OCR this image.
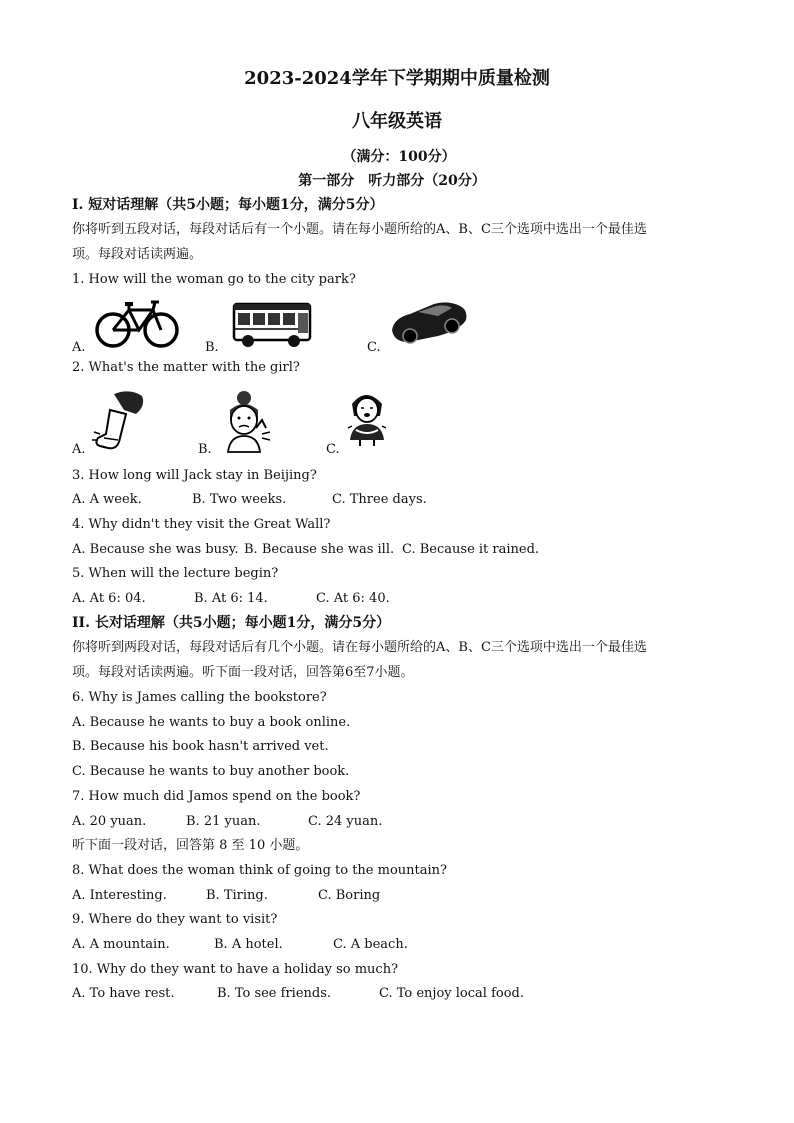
2023-2024学年下学期期中质量检测
八年级英语
（满分：100分）
第一部分　听力部分（20分）
I. 短对话理解（共5小题；每小题1分，满分5分）
你将听到五段对话，每段对话后有一个小题。请在每小题所给的A、B、C三个选项中选出一个最佳选
项。每段对话读两遍。
1. How will the woman go to the city park?
A.	B.	C.
2. What's the matter with the girl?
A.	B.	C.
3. How long will Jack stay in Beijing?
A. A week.	B. Two weeks.	C. Three days.
4. Why didn't they visit the Great Wall?
A. Because she was busy. B. Because she was ill. C. Because it rained.
5. When will the lecture begin?
A. At 6: 04.	B. At 6: 14.	C. At 6: 40.
II. 长对话理解（共5小题；每小题1分，满分5分）
你将听到两段对话，每段对话后有几个小题。请在每小题所给的A、B、C三个选项中选出一个最佳选
项。每段对话读两遍。听下面一段对话，回答第6至7小题。
6. Why is James calling the bookstore?
A. Because he wants to buy a book online.
B. Because his book hasn't arrived vet.
C. Because he wants to buy another book.
7. How much did Jamos spend on the book?
A. 20 yuan.	B. 21 yuan.	C. 24 yuan.
听下面一段对话，回答第 8 至 10 小题。
8. What does the woman think of going to the mountain?
A. Interesting.	B. Tiring.	C. Boring
9. Where do they want to visit?
A. A mountain.	B. A hotel.	C. A beach.
10. Why do they want to have a holiday so much?
A. To have rest.	B. To see friends.	C. To enjoy local food.
